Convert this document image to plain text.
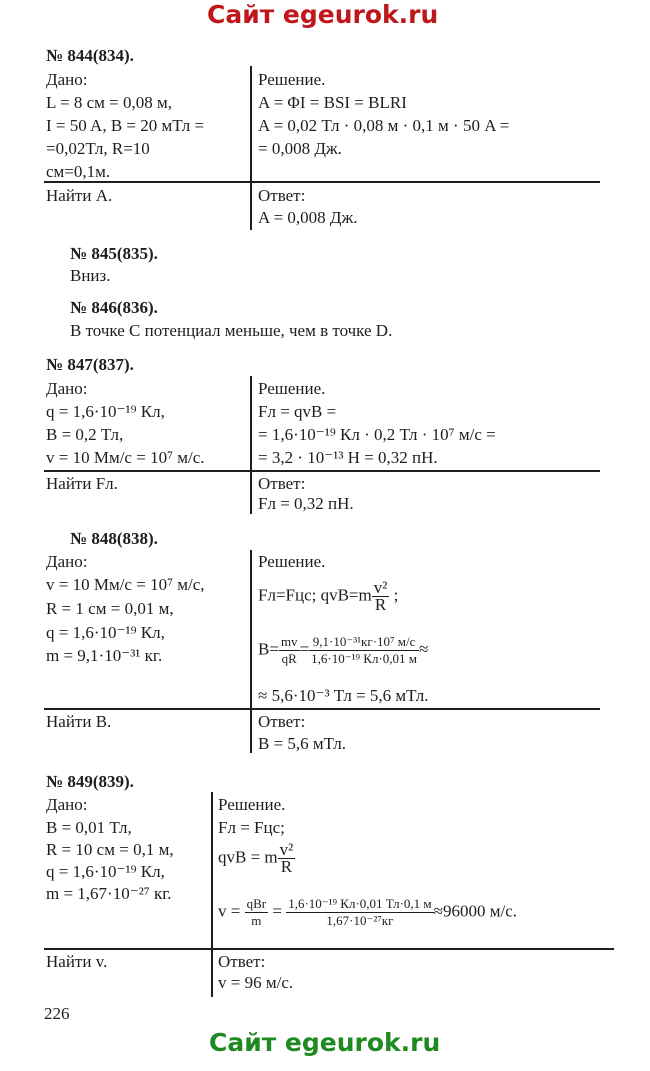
Сайт egeurok.ru
№ 844(834).
Дано:
L = 8 см = 0,08 м,
I = 50 A, B = 20 мТл =
=0,02Тл, R=10
см=0,1м.
Найти A.
Решение.
A = ΦI = BSI = BLRI
A = 0,02 Тл · 0,08 м · 0,1 м · 50 A =
= 0,008 Дж.
Ответ:
A = 0,008 Дж.
№ 845(835).
Вниз.
№ 846(836).
В точке C потенциал меньше, чем в точке D.
№ 847(837).
Дано:
q = 1,6·10⁻¹⁹ Кл,
B = 0,2 Тл,
v = 10 Мм/с = 10⁷ м/с.
Найти Fл.
Решение.
Fл = qvB =
= 1,6·10⁻¹⁹ Кл · 0,2 Тл · 10⁷ м/с =
= 3,2 · 10⁻¹³ Н = 0,32 пН.
Ответ:
Fл = 0,32 пН.
№ 848(838).
Дано:
v = 10 Мм/с = 10⁷ м/с,
R = 1 см = 0,01 м,
q = 1,6·10⁻¹⁹ Кл,
m = 9,1·10⁻³¹ кг.
Найти B.
Решение.
Fл=Fцс; $qvB=m \frac{\text{v²}}{R}$ ;
$B= \frac{mv}{qR} = \frac{\text{9,1·10⁻³¹кг·10⁷ м/с}}{\text{1,6·10⁻¹⁹ Кл·0,01 м}}$ ≈
≈ 5,6·10⁻³ Тл = 5,6 мТл.
Ответ:
B = 5,6 мТл.
№ 849(839).
Дано:
B = 0,01 Тл,
R = 10 см = 0,1 м,
q = 1,6·10⁻¹⁹ Кл,
m = 1,67·10⁻²⁷ кг.
Найти v.
Решение.
Fл = Fцс;
qvB = m $\frac{\text{v²}}{R}$
$v = \frac{\text{qBr}}{m} = \frac{\text{1,6·10⁻¹⁹ Кл·0,01 Тл·0,1 м}}{\text{1,67·10⁻²⁷кг}} \approx 96000$ м/с.
Ответ:
v = 96 м/с.
226
Сайт egeurok.ru
